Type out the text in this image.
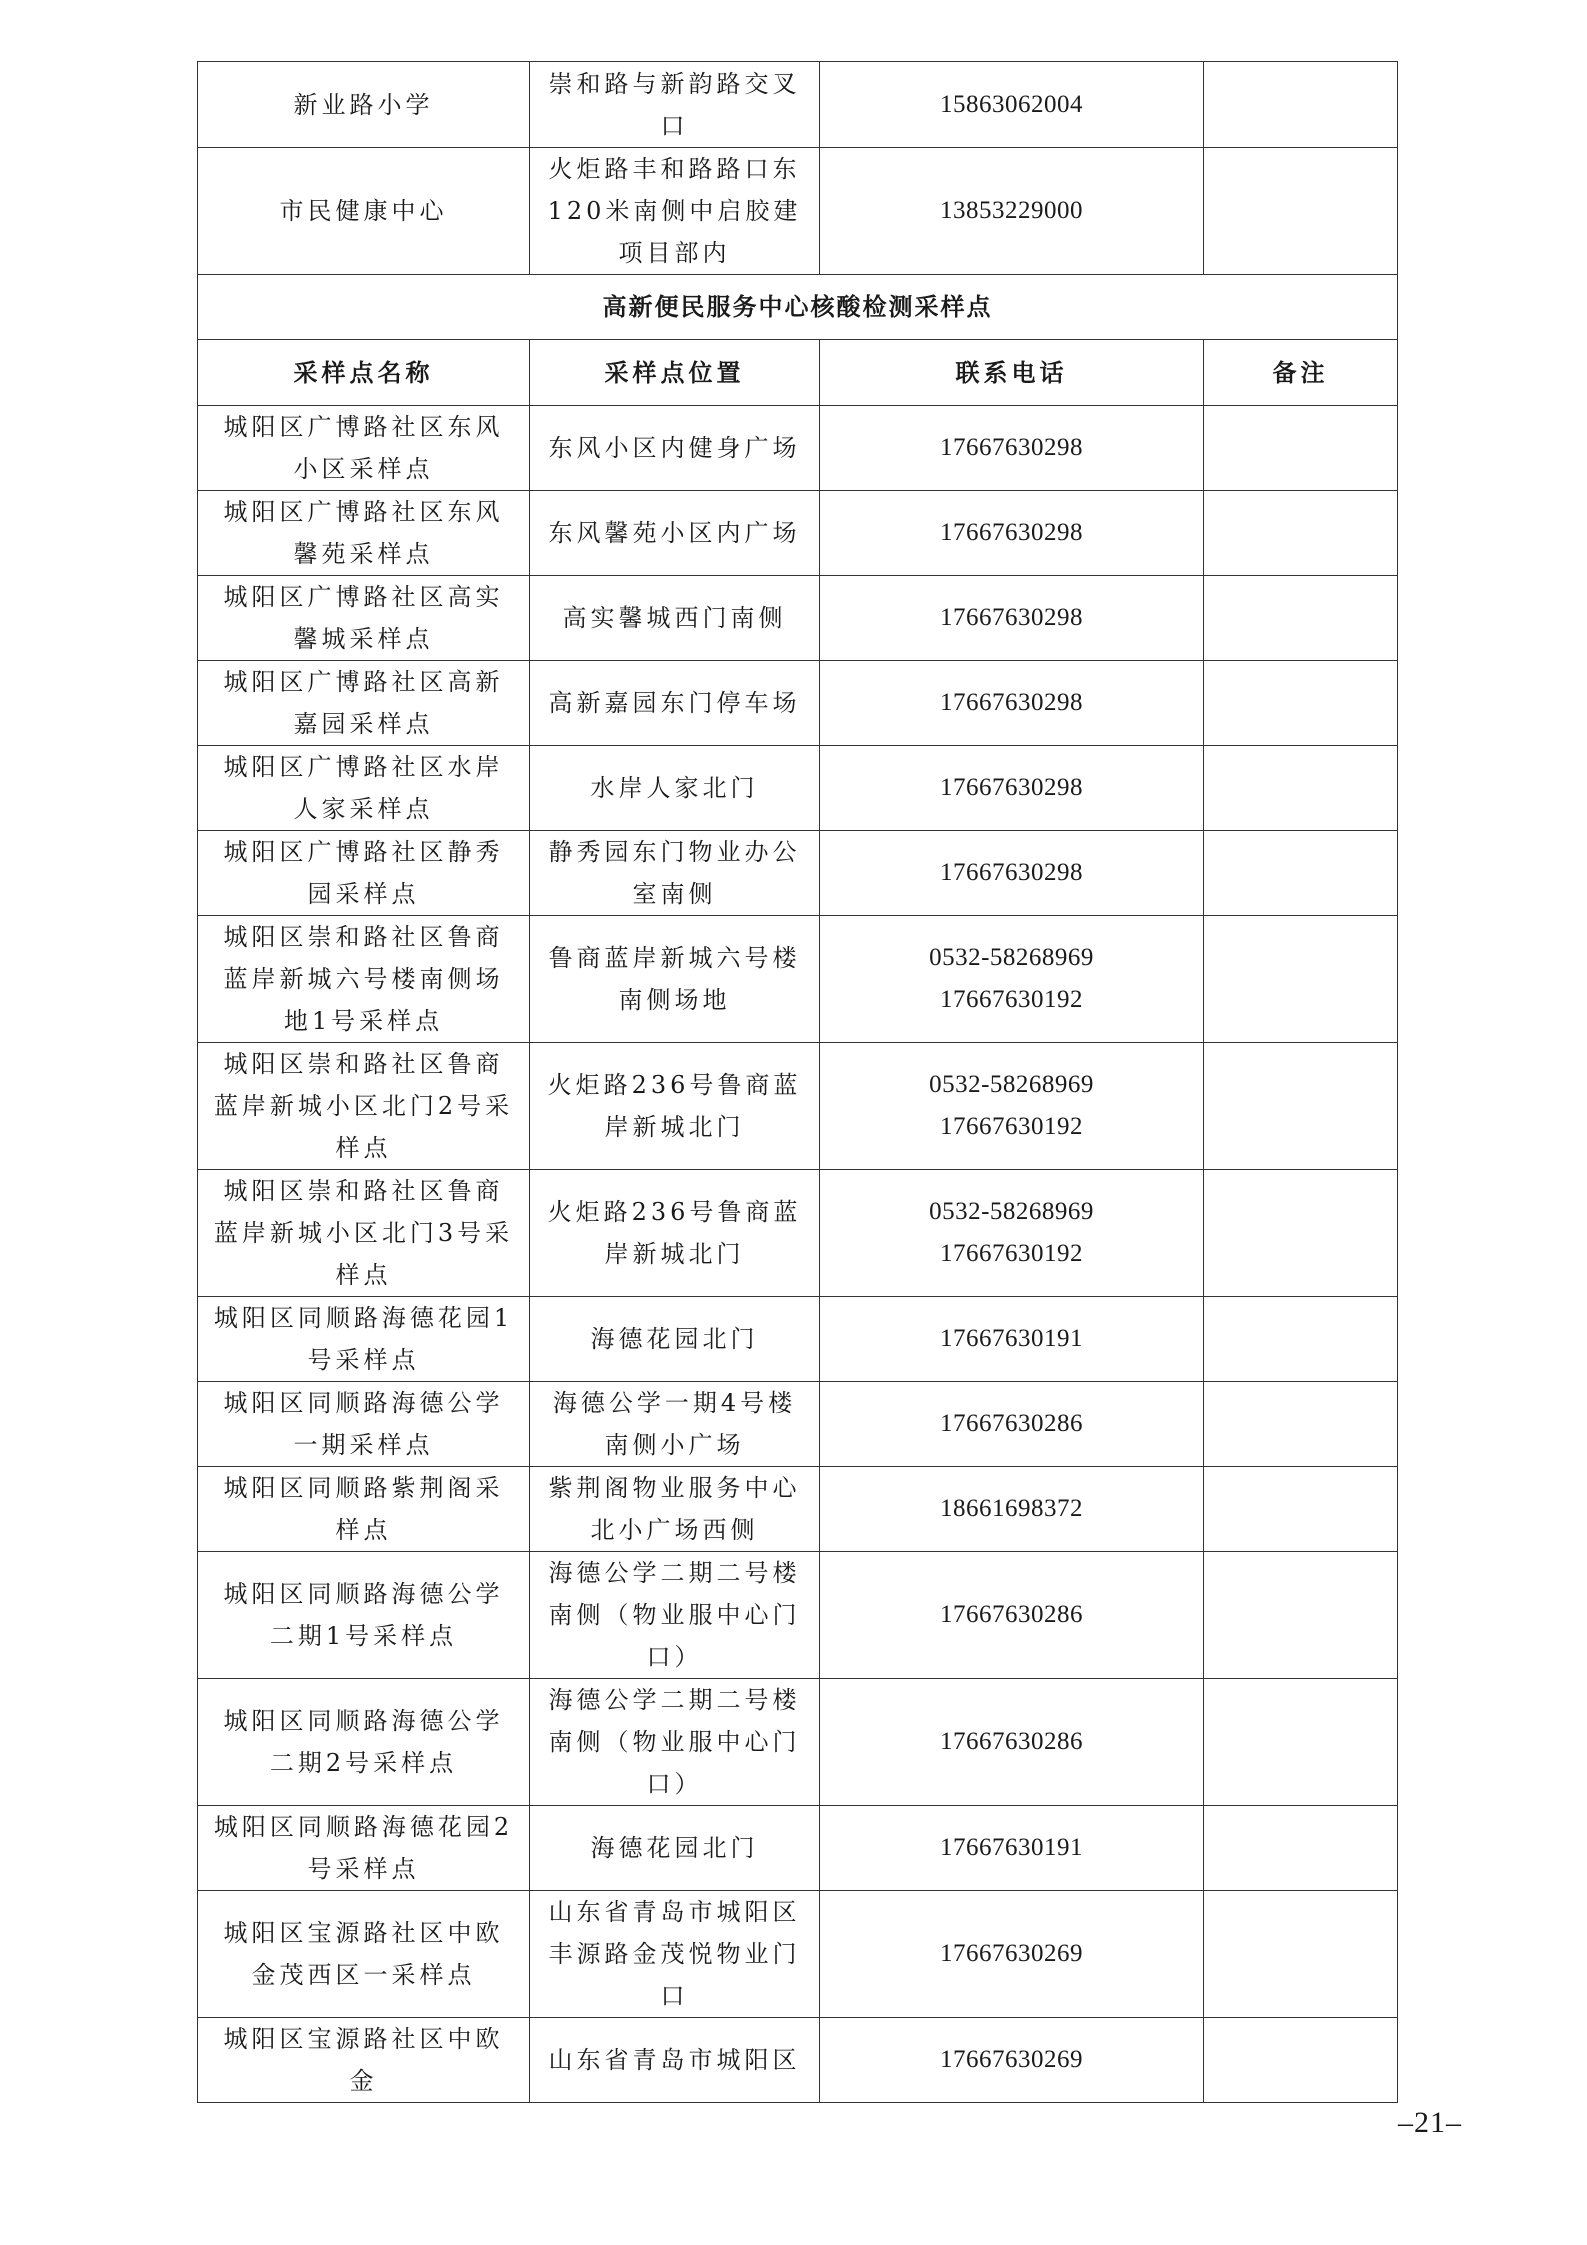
新业路小学	崇和路与新韵路交叉口	15863062004	
市民健康中心	火炬路丰和路路口东120米南侧中启胶建项目部内	13853229000	
高新便民服务中心核酸检测采样点			
采样点名称	采样点位置	联系电话	备注
城阳区广博路社区东风小区采样点	东风小区内健身广场	17667630298	
城阳区广博路社区东风馨苑采样点	东风馨苑小区内广场	17667630298	
城阳区广博路社区高实馨城采样点	高实馨城西门南侧	17667630298	
城阳区广博路社区高新嘉园采样点	高新嘉园东门停车场	17667630298	
城阳区广博路社区水岸人家采样点	水岸人家北门	17667630298	
城阳区广博路社区静秀园采样点	静秀园东门物业办公室南侧	17667630298	
城阳区崇和路社区鲁商蓝岸新城六号楼南侧场地1号采样点	鲁商蓝岸新城六号楼南侧场地	0532-58268969
17667630192	
城阳区崇和路社区鲁商蓝岸新城小区北门2号采样点	火炬路236号鲁商蓝岸新城北门	0532-58268969
17667630192	
城阳区崇和路社区鲁商蓝岸新城小区北门3号采样点	火炬路236号鲁商蓝岸新城北门	0532-58268969
17667630192	
城阳区同顺路海德花园1号采样点	海德花园北门	17667630191	
城阳区同顺路海德公学一期采样点	海德公学一期4号楼南侧小广场	17667630286	
城阳区同顺路紫荆阁采样点	紫荆阁物业服务中心北小广场西侧	18661698372	
城阳区同顺路海德公学二期1号采样点	海德公学二期二号楼南侧（物业服中心门口）	17667630286	
城阳区同顺路海德公学二期2号采样点	海德公学二期二号楼南侧（物业服中心门口）	17667630286	
城阳区同顺路海德花园2号采样点	海德花园北门	17667630191	
城阳区宝源路社区中欧金茂西区一采样点	山东省青岛市城阳区丰源路金茂悦物业门口	17667630269	
城阳区宝源路社区中欧金	山东省青岛市城阳区	17667630269	
–21–
